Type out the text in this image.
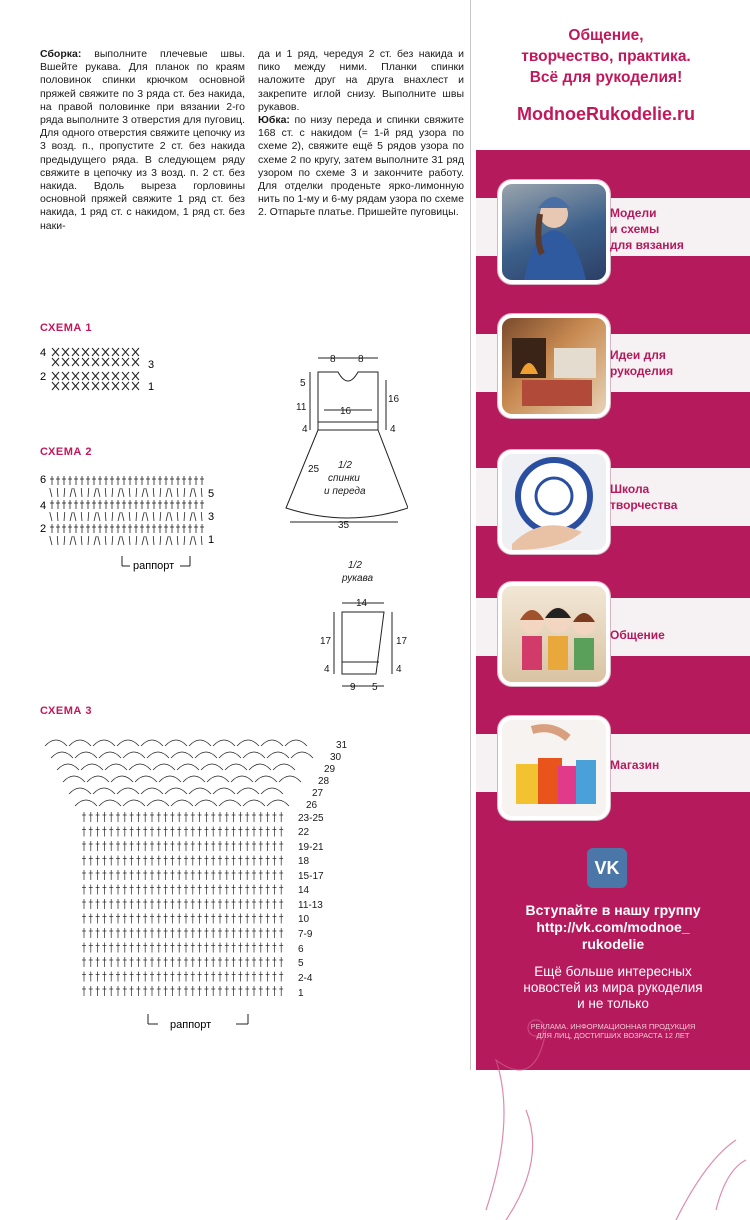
Сборка: выполните плечевые швы. Вшейте рукава. Для планок по краям половинок спинки крючком основной пряжей свяжите по 3 ряда ст. без накида, на правой половинке при вязании 2-го ряда выполните 3 отверстия для пуговиц. Для одного отверстия свяжите цепочку из 3 возд. п., пропустите 2 ст. без накида предыдущего ряда. В следующем ряду свяжите в цепочку из 3 возд. п. 2 ст. без накида. Вдоль выреза горловины основной пряжей свяжите 1 ряд ст. без накида, 1 ряд ст. с накидом, 1 ряд ст. без наки-
да и 1 ряд, чередуя 2 ст. без накида и пико между ними. Планки спинки наложите друг на друга внахлест и закрепите иглой снизу. Выполните швы рукавов.
Юбка: по низу переда и спинки свяжите 168 ст. с накидом (= 1-й ряд узора по схеме 2), свяжите ещё 5 рядов узора по схеме 2 по кругу, затем выполните 31 ряд узором по схеме 3 и закончите работу. Для отделки проденьте ярко-лимонную нить по 1-му и 6-му рядам узора по схеме 2. Отпарьте платье. Пришейте пуговицы.
СХЕМА 1
СХЕМА 2
СХЕМА 3
4
2
3
1
6
4
2
5
3
1
раппорт
31
30
29
28
27
26
23-25
22
19-21
18
15-17
14
11-13
10
7-9
6
5
2-4
1
раппорт
8 8
5
11	16
16
4	4
25
35
1/2
спинки
и переда
1/2
рукава
14
17	17
4	4
9 5
Общение,
творчество, практика.
Всё для рукоделия!
ModnoeRukodelie.ru
Модели
и схемы
для вязания
Идеи для
рукоделия
Школа
творчества
Общение
Магазин
VK
Вступайте в нашу группу
http://vk.com/modnoe_
rukodelie
Ещё больше интересных
новостей из мира рукоделия
и не только
РЕКЛАМА. ИНФОРМАЦИОННАЯ ПРОДУКЦИЯ
ДЛЯ ЛИЦ, ДОСТИГШИХ ВОЗРАСТА 12 ЛЕТ
